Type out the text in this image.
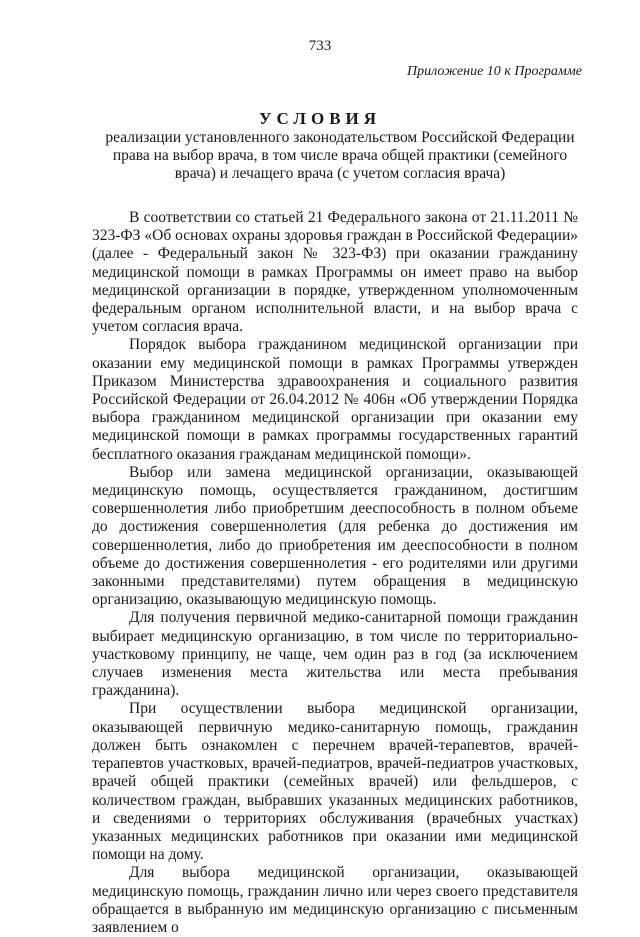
733
Приложение 10 к Программе
УСЛОВИЯ
реализации установленного законодательством Российской Федерации права на выбор врача, в том числе врача общей практики (семейного врача) и лечащего врача (с учетом согласия врача)

В соответствии со статьей 21 Федерального закона от 21.11.2011 № 323-ФЗ «Об основах охраны здоровья граждан в Российской Федерации» (далее - Федеральный закон № 323-ФЗ) при оказании гражданину медицинской помощи в рамках Программы он имеет право на выбор медицинской организации в порядке, утвержденном уполномоченным федеральным органом исполнительной власти, и на выбор врача с учетом согласия врача.

Порядок выбора гражданином медицинской организации при оказании ему медицинской помощи в рамках Программы утвержден Приказом Министерства здравоохранения и социального развития Российской Федерации от 26.04.2012 № 406н «Об утверждении Порядка выбора гражданином медицинской организации при оказании ему медицинской помощи в рамках программы государственных гарантий бесплатного оказания гражданам медицинской помощи».

Выбор или замена медицинской организации, оказывающей медицинскую помощь, осуществляется гражданином, достигшим совершеннолетия либо приобретшим дееспособность в полном объеме до достижения совершеннолетия (для ребенка до достижения им совершеннолетия, либо до приобретения им дееспособности в полном объеме до достижения совершеннолетия - его родителями или другими законными представителями) путем обращения в медицинскую организацию, оказывающую медицинскую помощь.

Для получения первичной медико-санитарной помощи гражданин выбирает медицинскую организацию, в том числе по территориально-участковому принципу, не чаще, чем один раз в год (за исключением случаев изменения места жительства или места пребывания гражданина).

При осуществлении выбора медицинской организации, оказывающей первичную медико-санитарную помощь, гражданин должен быть ознакомлен с перечнем врачей-терапевтов, врачей-терапевтов участковых, врачей-педиатров, врачей-педиатров участковых, врачей общей практики (семейных врачей) или фельдшеров, с количеством граждан, выбравших указанных медицинских работников, и сведениями о территориях обслуживания (врачебных участках) указанных медицинских работников при оказании ими медицинской помощи на дому.

Для выбора медицинской организации, оказывающей медицинскую помощь, гражданин лично или через своего представителя обращается в выбранную им медицинскую организацию с письменным заявлением о
